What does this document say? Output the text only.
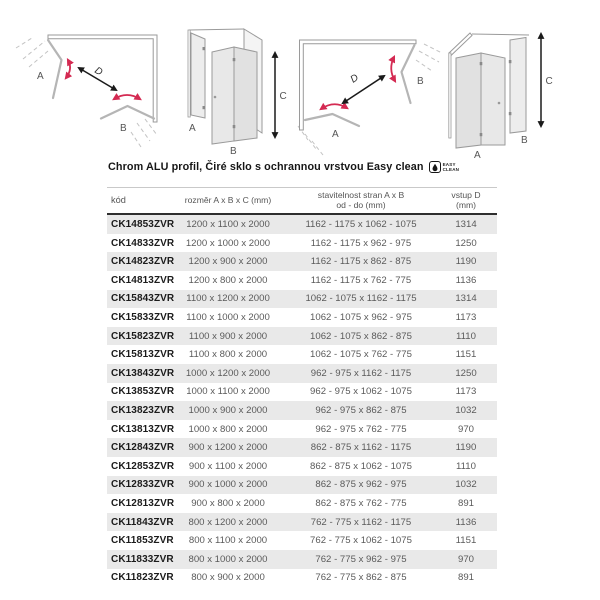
A
B
D
A
B
C
B
A
D
A
B
C
Chrom ALU profil, Čiré sklo s ochrannou vrstvou Easy clean	EASY
CLEAN
kód	rozměr A x B x C (mm)	stavitelnost stran A x B
od - do (mm)
vstup D
(mm)
CK14853ZVR	1200 x 1100 x 2000	1162 - 1175 x 1062 - 1075	1314
CK14833ZVR	1200 x 1000 x 2000	1162 - 1175 x 962 - 975	1250
CK14823ZVR	1200 x 900 x 2000	1162 - 1175 x 862 - 875	1190
CK14813ZVR	1200 x 800 x 2000	1162 - 1175 x 762 - 775	1136
CK15843ZVR	1100 x 1200 x 2000	1062 - 1075 x 1162 - 1175	1314
CK15833ZVR	1100 x 1000 x 2000	1062 - 1075 x 962 - 975	1173
CK15823ZVR	1100 x 900 x 2000	1062 - 1075 x 862 - 875	1110
CK15813ZVR	1100 x 800 x 2000	1062 - 1075 x 762 - 775	1151
CK13843ZVR	1000 x 1200 x 2000	962 - 975 x 1162 - 1175	1250
CK13853ZVR	1000 x 1100 x 2000	962 - 975 x 1062 - 1075	1173
CK13823ZVR	1000 x 900 x 2000	962 - 975 x 862 - 875	1032
CK13813ZVR	1000 x 800 x 2000	962 - 975 x 762 - 775	970
CK12843ZVR	900 x 1200 x 2000	862 - 875 x 1162 - 1175	1190
CK12853ZVR	900 x 1100 x 2000	862 - 875 x 1062 - 1075	1110
CK12833ZVR	900 x 1000 x 2000	862 - 875 x 962 - 975	1032
CK12813ZVR	900 x 800 x 2000	862 - 875 x 762 - 775	891
CK11843ZVR	800 x 1200 x 2000	762 - 775 x 1162 - 1175	1136
CK11853ZVR	800 x 1100 x 2000	762 - 775 x 1062 - 1075	1151
CK11833ZVR	800 x 1000 x 2000	762 - 775 x 962 - 975	970
CK11823ZVR	800 x 900 x 2000	762 - 775 x 862 - 875	891
